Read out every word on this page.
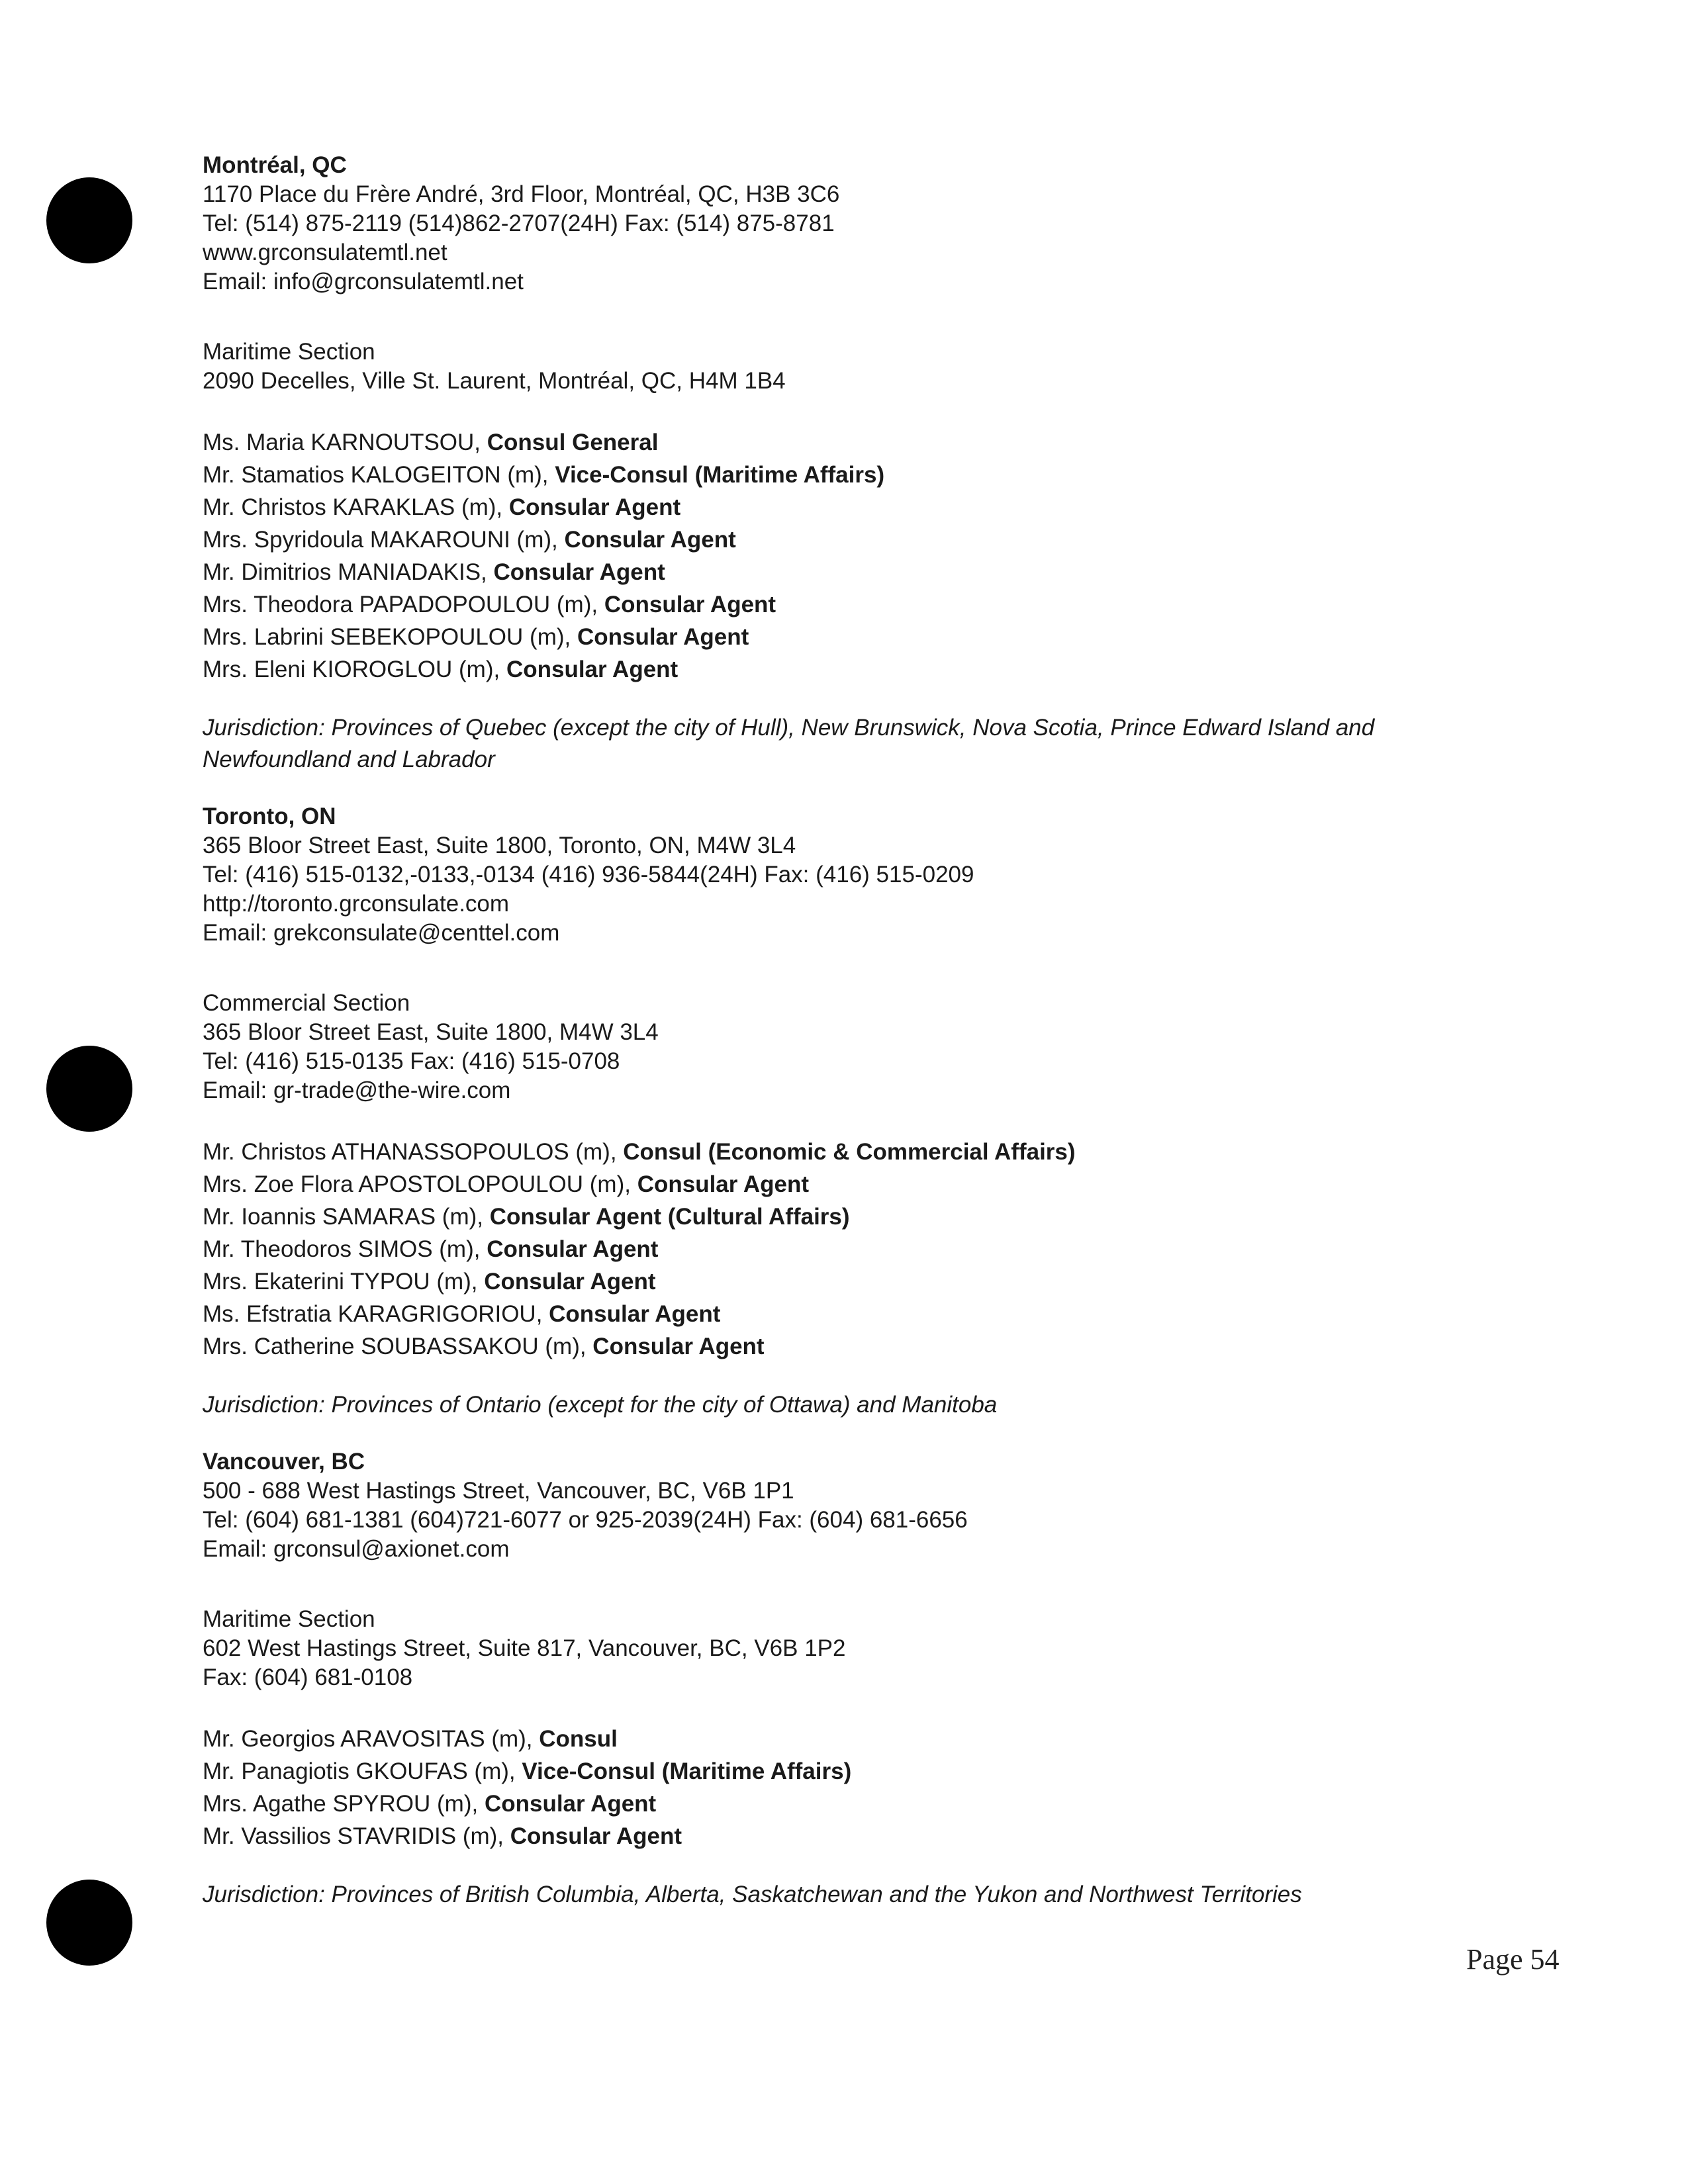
Montréal, QC
1170 Place du Frère André, 3rd Floor, Montréal, QC, H3B 3C6
Tel: (514) 875-2119 (514)862-2707(24H) Fax: (514) 875-8781
www.grconsulatemtl.net
Email: info@grconsulatemtl.net
Maritime Section
2090 Decelles, Ville St. Laurent, Montréal, QC, H4M 1B4
Ms. Maria KARNOUTSOU, Consul General
Mr. Stamatios KALOGEITON (m), Vice-Consul (Maritime Affairs)
Mr. Christos KARAKLAS (m), Consular Agent
Mrs. Spyridoula MAKAROUNI (m), Consular Agent
Mr. Dimitrios MANIADAKIS, Consular Agent
Mrs. Theodora PAPADOPOULOU (m), Consular Agent
Mrs. Labrini SEBEKOPOULOU (m), Consular Agent
Mrs. Eleni KIOROGLOU (m), Consular Agent
Jurisdiction: Provinces of Quebec (except the city of Hull), New Brunswick, Nova Scotia, Prince Edward Island and Newfoundland and Labrador
Toronto, ON
365 Bloor Street East, Suite 1800, Toronto, ON, M4W 3L4
Tel: (416) 515-0132,-0133,-0134 (416) 936-5844(24H) Fax: (416) 515-0209
http://toronto.grconsulate.com
Email: grekconsulate@centtel.com
Commercial Section
365 Bloor Street East, Suite 1800, M4W 3L4
Tel: (416) 515-0135 Fax: (416) 515-0708
Email: gr-trade@the-wire.com
Mr. Christos ATHANASSOPOULOS (m), Consul (Economic & Commercial Affairs)
Mrs. Zoe Flora APOSTOLOPOULOU (m), Consular Agent
Mr. Ioannis SAMARAS (m), Consular Agent (Cultural Affairs)
Mr. Theodoros SIMOS (m), Consular Agent
Mrs. Ekaterini TYPOU (m), Consular Agent
Ms. Efstratia KARAGRIGORIOU, Consular Agent
Mrs. Catherine SOUBASSAKOU (m), Consular Agent
Jurisdiction: Provinces of Ontario (except for the city of Ottawa) and Manitoba
Vancouver, BC
500 - 688 West Hastings Street, Vancouver, BC, V6B 1P1
Tel: (604) 681-1381 (604)721-6077 or 925-2039(24H) Fax: (604) 681-6656
Email: grconsul@axionet.com
Maritime Section
602 West Hastings Street, Suite 817, Vancouver, BC, V6B 1P2
Fax: (604) 681-0108
Mr. Georgios ARAVOSITAS (m), Consul
Mr. Panagiotis GKOUFAS (m), Vice-Consul (Maritime Affairs)
Mrs. Agathe SPYROU (m), Consular Agent
Mr. Vassilios STAVRIDIS (m), Consular Agent
Jurisdiction: Provinces of British Columbia, Alberta, Saskatchewan and the Yukon and Northwest Territories
Page 54
